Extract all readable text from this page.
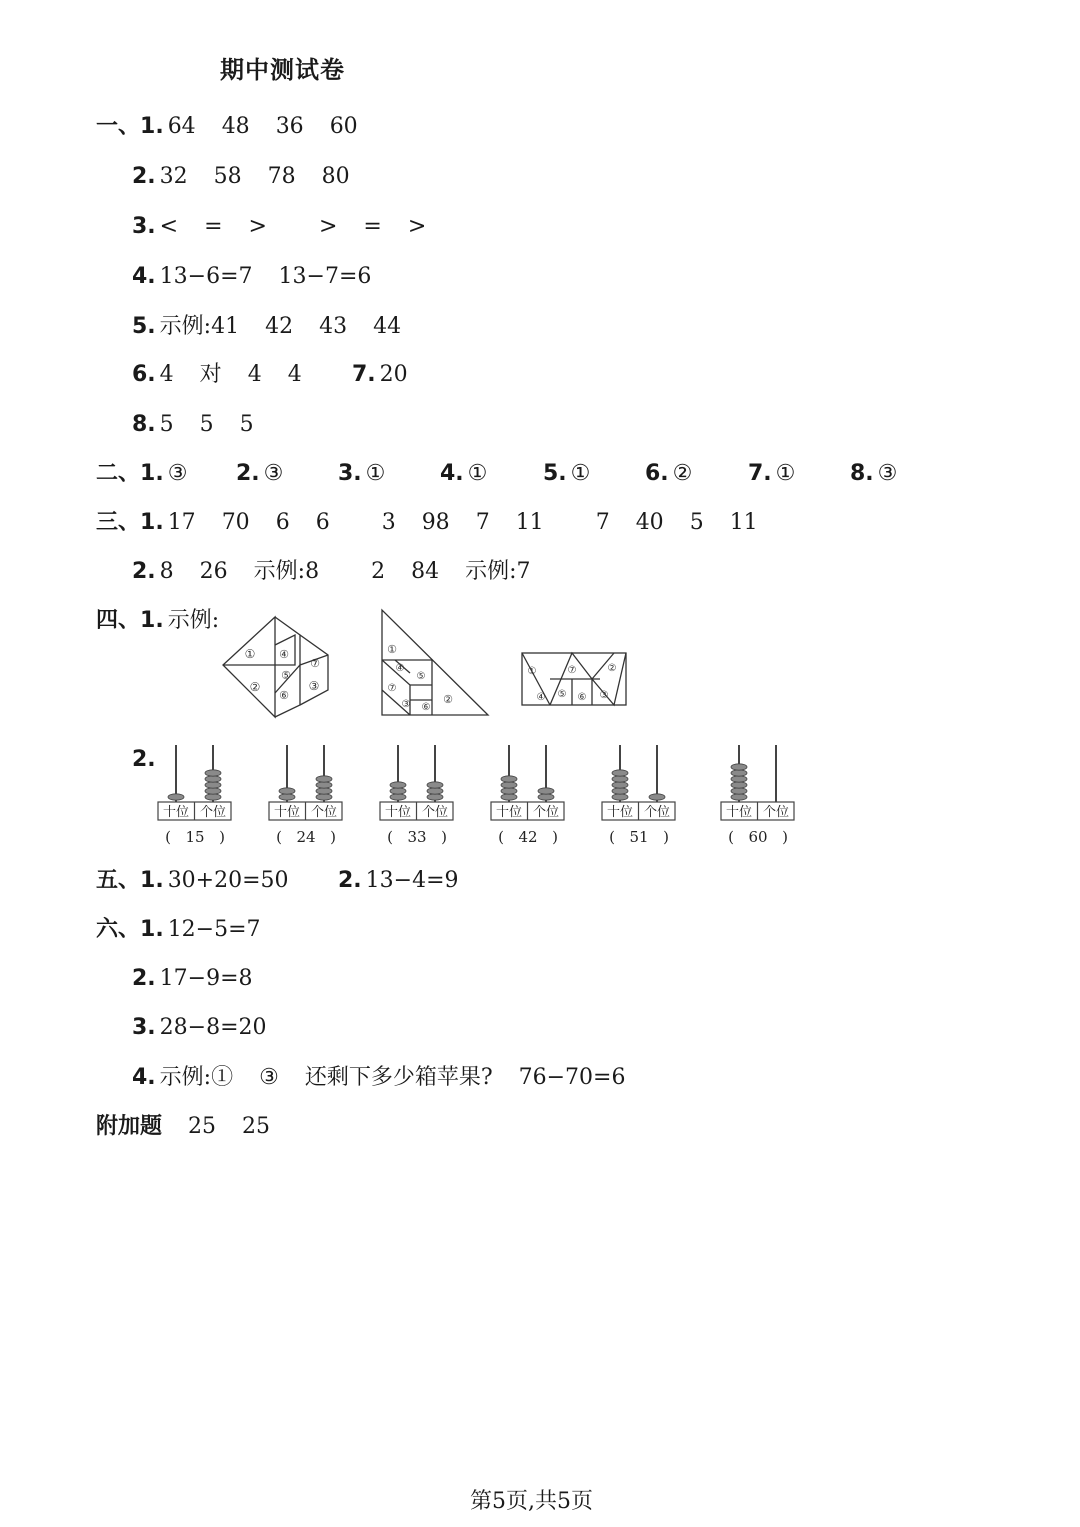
期中测试卷
一、 1. 64 48 36 60
2. 32 58 78 80
3. < = > > = >
4. 13−6=7 13−7=6
5. 示例:41 42 43 44
6. 4 对 4 4 7. 20
8. 5 5 5
二、 1. ③ 2. ③ 3. ① 4. ①	5. ① 6. ②	7. ① 8. ③
三、 1. 17 70 6 6 3 98 7 11 7 40 5 11
2. 8 26 示例:8 2 84 示例:7
四、 1. 示例:
2.
五、 1. 30+20=50 2. 13−4=9
六、 1. 12−5=7
2. 17−9=8
3. 28−8=20
4. 示例:① ③ 还剩下多少箱苹果? 76−70=6
附加题 25 25
①
②	③
④
⑤
⑥
⑦
①
②
③
④
⑤
⑥
⑦
①	②
③
④ ⑤ ⑥
⑦
十位 个位
( 15 )
十位 个位
( 24 )
十位 个位
( 33 )
十位 个位
( 42 )
十位 个位
( 51 )
十位 个位
( 60 )
第5页,共5页
